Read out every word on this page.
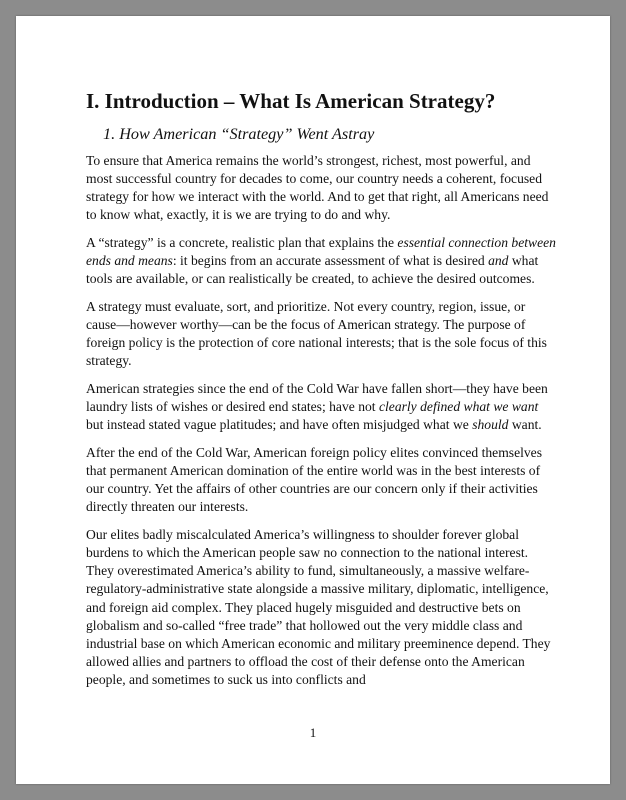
I. Introduction – What Is American Strategy?
1. How American “Strategy” Went Astray

To ensure that America remains the world’s strongest, richest, most powerful, and most successful country for decades to come, our country needs a coherent, focused strategy for how we interact with the world. And to get that right, all Americans need to know what, exactly, it is we are trying to do and why.

A “strategy” is a concrete, realistic plan that explains the essential connection between ends and means: it begins from an accurate assessment of what is desired and what tools are available, or can realistically be created, to achieve the desired outcomes.

A strategy must evaluate, sort, and prioritize. Not every country, region, issue, or cause—however worthy—can be the focus of American strategy. The purpose of foreign policy is the protection of core national interests; that is the sole focus of this strategy.

American strategies since the end of the Cold War have fallen short—they have been laundry lists of wishes or desired end states; have not clearly defined what we want but instead stated vague platitudes; and have often misjudged what we should want.

After the end of the Cold War, American foreign policy elites convinced themselves that permanent American domination of the entire world was in the best interests of our country. Yet the affairs of other countries are our concern only if their activities directly threaten our interests.

Our elites badly miscalculated America’s willingness to shoulder forever global burdens to which the American people saw no connection to the national interest. They overestimated America’s ability to fund, simultaneously, a massive welfare-regulatory-administrative state alongside a massive military, diplomatic, intelligence, and foreign aid complex. They placed hugely misguided and destructive bets on globalism and so-called “free trade” that hollowed out the very middle class and industrial base on which American economic and military preeminence depend. They allowed allies and partners to offload the cost of their defense onto the American people, and sometimes to suck us into conflicts and

1
